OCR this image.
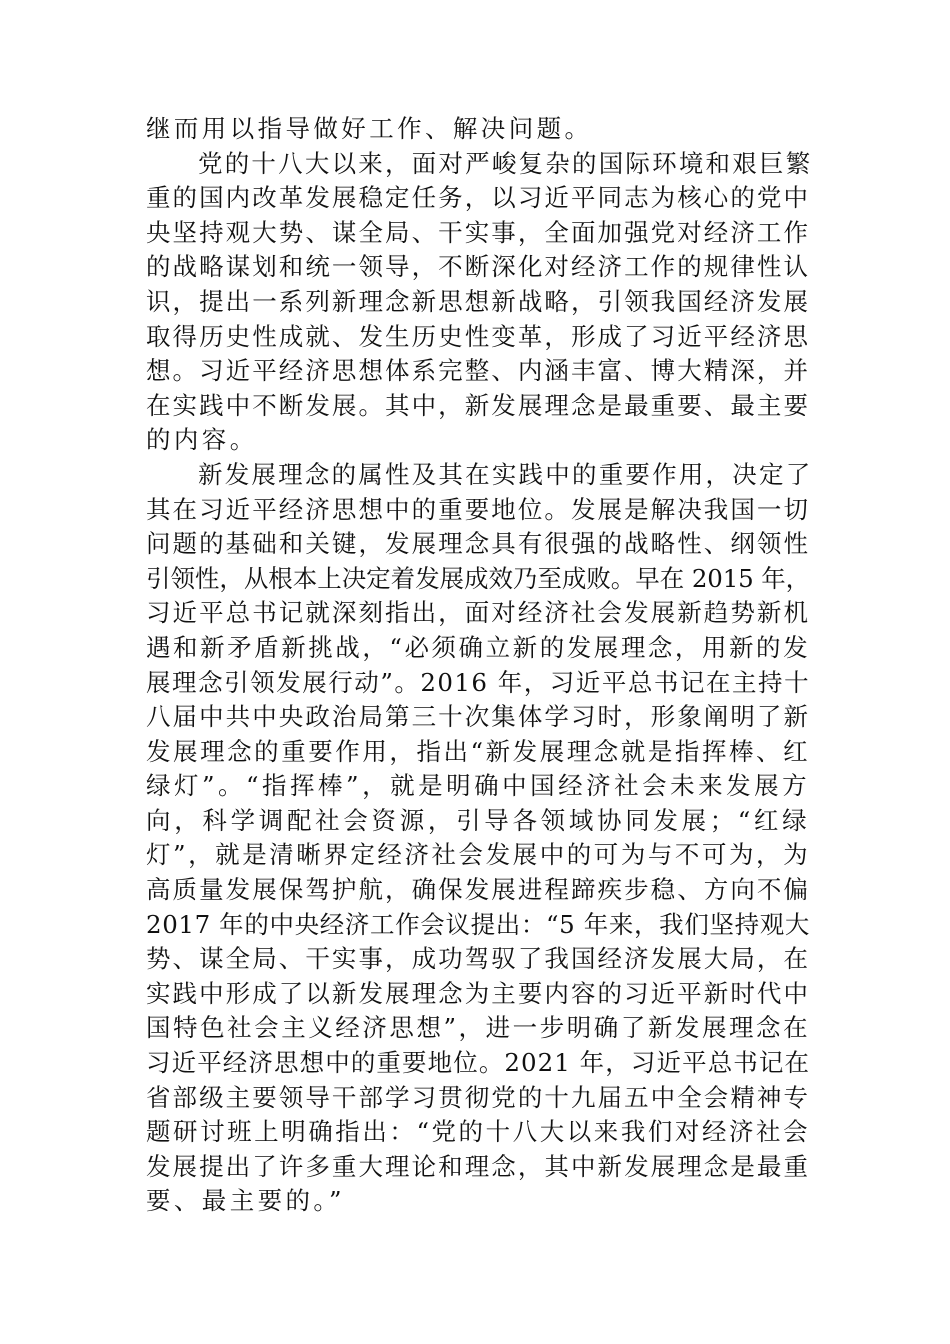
继而用以指导做好工作、解决问题。
党的十八大以来，面对严峻复杂的国际环境和艰巨繁
重的国内改革发展稳定任务，以习近平同志为核心的党中
央坚持观大势、谋全局、干实事，全面加强党对经济工作
的战略谋划和统一领导，不断深化对经济工作的规律性认
识，提出一系列新理念新思想新战略，引领我国经济发展
取得历史性成就、发生历史性变革，形成了习近平经济思
想。习近平经济思想体系完整、内涵丰富、博大精深，并
在实践中不断发展。其中，新发展理念是最重要、最主要
的内容。
新发展理念的属性及其在实践中的重要作用，决定了
其在习近平经济思想中的重要地位。发展是解决我国一切
问题的基础和关键，发展理念具有很强的战略性、纲领性
引领性，从根本上决定着发展成效乃至成败。早在 2015 年，
习近平总书记就深刻指出，面对经济社会发展新趋势新机
遇和新矛盾新挑战，“必须确立新的发展理念，用新的发
展理念引领发展行动”。2016 年，习近平总书记在主持十
八届中共中央政治局第三十次集体学习时，形象阐明了新
发展理念的重要作用，指出“新发展理念就是指挥棒、红
绿灯”。“指挥棒”，就是明确中国经济社会未来发展方
向，科学调配社会资源，引导各领域协同发展；“红绿
灯”，就是清晰界定经济社会发展中的可为与不可为，为
高质量发展保驾护航，确保发展进程蹄疾步稳、方向不偏
2017 年的中央经济工作会议提出：“5 年来，我们坚持观大
势、谋全局、干实事，成功驾驭了我国经济发展大局，在
实践中形成了以新发展理念为主要内容的习近平新时代中
国特色社会主义经济思想”，进一步明确了新发展理念在
习近平经济思想中的重要地位。2021 年，习近平总书记在
省部级主要领导干部学习贯彻党的十九届五中全会精神专
题研讨班上明确指出：“党的十八大以来我们对经济社会
发展提出了许多重大理论和理念，其中新发展理念是最重
要、最主要的。”
